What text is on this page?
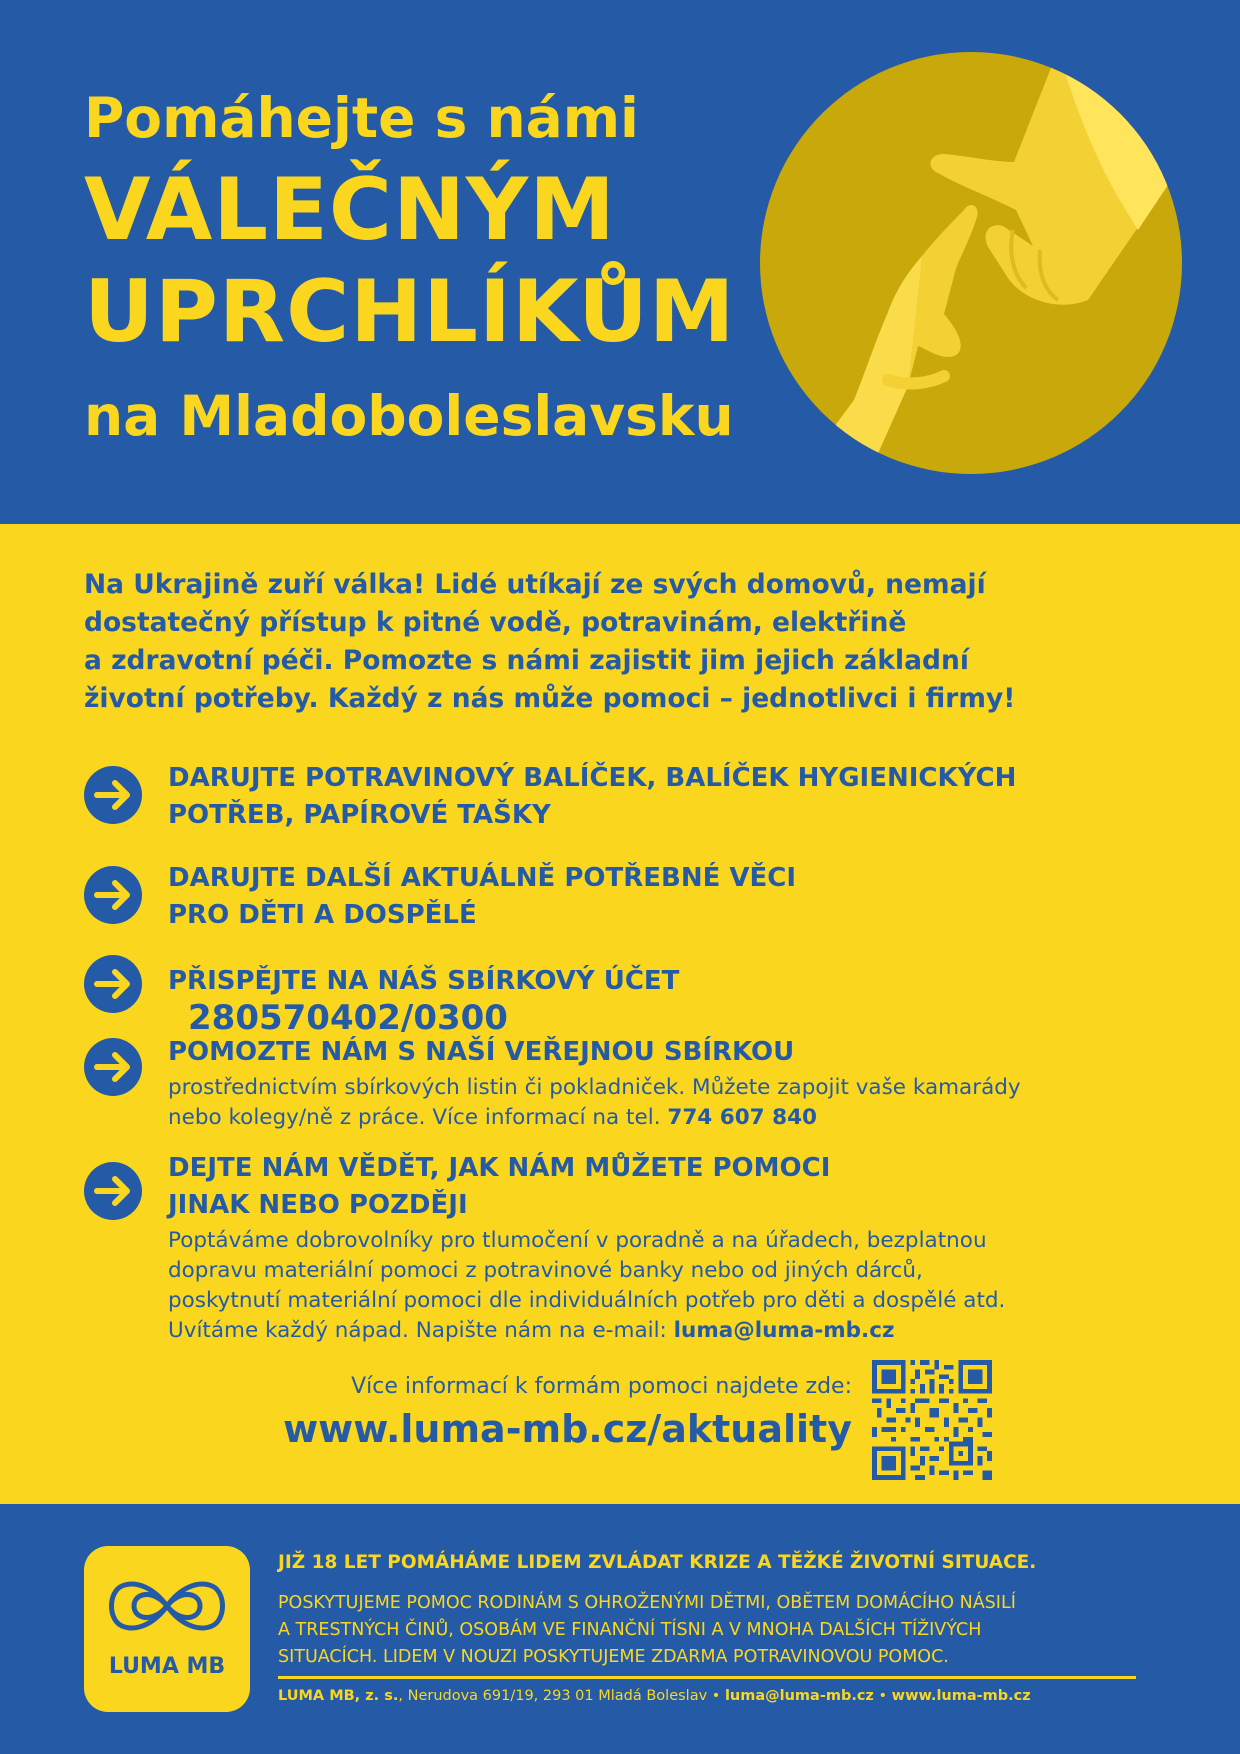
Pomáhejte s námi
VÁLEČNÝM
UPRCHLÍKŮM
na Mladoboleslavsku

Na Ukrajině zuří válka! Lidé utíkají ze svých domovů, nemají
dostatečný přístup k pitné vodě, potravinám, elektřině
a zdravotní péči. Pomozte s námi zajistit jim jejich základní
životní potřeby. Každý z nás může pomoci – jednotlivci i firmy!

DARUJTE POTRAVINOVÝ BALÍČEK, BALÍČEK HYGIENICKÝCH
POTŘEB, PAPÍROVÉ TAŠKY

DARUJTE DALŠÍ AKTUÁLNĚ POTŘEBNÉ VĚCI
PRO DĚTI A DOSPĚLÉ

PŘISPĚJTE NA NÁŠ SBÍRKOVÝ ÚČET
280570402/0300

POMOZTE NÁM S NAŠÍ VEŘEJNOU SBÍRKOU

prostřednictvím sbírkových listin či pokladniček. Můžete zapojit vaše kamarády
nebo kolegy/ně z práce. Více informací na tel. 774 607 840

DEJTE NÁM VĚDĚT, JAK NÁM MŮŽETE POMOCI
JINAK NEBO POZDĚJI

Poptáváme dobrovolníky pro tlumočení v poradně a na úřadech, bezplatnou
dopravu materiální pomoci z potravinové banky nebo od jiných dárců,
poskytnutí materiální pomoci dle individuálních potřeb pro děti a dospělé atd.
Uvítáme každý nápad. Napište nám na e-mail: luma@luma-mb.cz

Více informací k formám pomoci najdete zde:
www.luma-mb.cz/aktuality
LUMA MB

JIŽ 18 LET POMÁHÁME LIDEM ZVLÁDAT KRIZE A TĚŽKÉ ŽIVOTNÍ SITUACE.

POSKYTUJEME POMOC RODINÁM S OHROŽENÝMI DĚTMI, OBĚTEM DOMÁCÍHO NÁSILÍ
A TRESTNÝCH ČINŮ, OSOBÁM VE FINANČNÍ TÍSNI A V MNOHA DALŠÍCH TÍŽIVÝCH
SITUACÍCH. LIDEM V NOUZI POSKYTUJEME ZDARMA POTRAVINOVOU POMOC.

LUMA MB, z. s., Nerudova 691/19, 293 01 Mladá Boleslav • luma@luma-mb.cz • www.luma-mb.cz
